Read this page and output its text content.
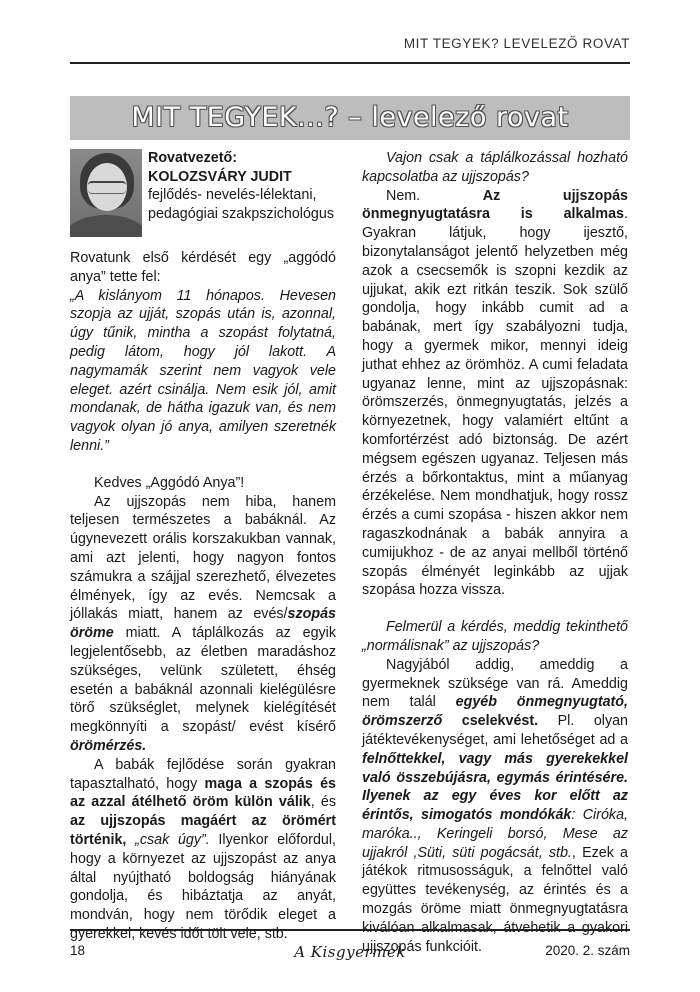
MIT TEGYEK? LEVELEZŐ ROVAT
MIT TEGYEK...? – levelező rovat
Rovatvezető:
KOLOZSVÁRY JUDIT
fejlődés- nevelés-lélektani, pedagógiai szakpszichológus

Rovatunk első kérdését egy „aggódó anya” tette fel:

„A kislányom 11 hónapos. Hevesen szopja az ujját, szopás után is, azonnal, úgy tűnik, mintha a szopást folytatná, pedig látom, hogy jól lakott. A nagymamák szerint nem vagyok vele eleget. azért csinálja. Nem esik jól, amit mondanak, de hátha igazuk van, és nem vagyok olyan jó anya, amilyen szeretnék lenni.”

Kedves „Aggódó Anya”!

Az ujjszopás nem hiba, hanem teljesen természetes a babáknál. Az úgynevezett orális korszakukban vannak, ami azt jelenti, hogy nagyon fontos számukra a szájjal szerezhető, élvezetes élmények, így az evés. Nemcsak a jóllakás miatt, hanem az evés/szopás öröme miatt. A táplálkozás az egyik legjelentősebb, az életben maradáshoz szükséges, velünk született, éhség esetén a babáknál azonnali kielégülésre törő szükséglet, melynek kielégítését megkönnyíti a szopást/ evést kísérő örömérzés.

A babák fejlődése során gyakran tapasztalható, hogy maga a szopás és az azzal átélhető öröm külön válik, és az ujjszopás magáért az örömért történik, „csak úgy”. Ilyenkor előfordul, hogy a környezet az ujjszopást az anya által nyújtható boldogság hiányának gondolja, és hibáztatja az anyát, mondván, hogy nem törődik eleget a gyerekkel, kevés időt tölt vele, stb.

Vajon csak a táplálkozással hozható kapcsolatba az ujjszopás?

Nem. Az ujjszopás önmegnyugtatásra is alkalmas. Gyakran látjuk, hogy ijesztő, bizonytalanságot jelentő helyzetben még azok a csecsemők is szopni kezdik az ujjukat, akik ezt ritkán teszik. Sok szülő gondolja, hogy inkább cumit ad a babának, mert így szabályozni tudja, hogy a gyermek mikor, mennyi ideig juthat ehhez az örömhöz. A cumi feladata ugyanaz lenne, mint az ujjszopásnak: örömszerzés, önmegnyugtatás, jelzés a környezetnek, hogy valamiért eltűnt a komfortérzést adó biztonság. De azért mégsem egészen ugyanaz. Teljesen más érzés a bőrkontaktus, mint a műanyag érzékelése. Nem mondhatjuk, hogy rossz érzés a cumi szopása - hiszen akkor nem ragaszkodnának a babák annyira a cumijukhoz - de az anyai mellből történő szopás élményét leginkább az ujjak szopása hozza vissza.

Felmerül a kérdés, meddig tekinthető „normálisnak” az ujjszopás?

Nagyjából addig, ameddig a gyermeknek szüksége van rá. Ameddig nem talál egyéb önmegnyugtató, örömszerző cselekvést. Pl. olyan játéktevékenységet, ami lehetőséget ad a felnőttekkel, vagy más gyerekekkel való összebújásra, egymás érintésére. Ilyenek az egy éves kor előtt az érintős, simogatós mondókák: Cirókа, marókа.., Keringeli borsó, Mese az ujjakról ,Süti, süti pogácsát, stb., Ezek a játékok ritmusosságuk, a felnőttel való együttes tevékenység, az érintés és a mozgás öröme miatt önmegnyugtatásra kiválóan alkalmasak, átvehetik a gyakori ujjszopás funkcióit.

18	A Kisgyermek	2020. 2. szám
